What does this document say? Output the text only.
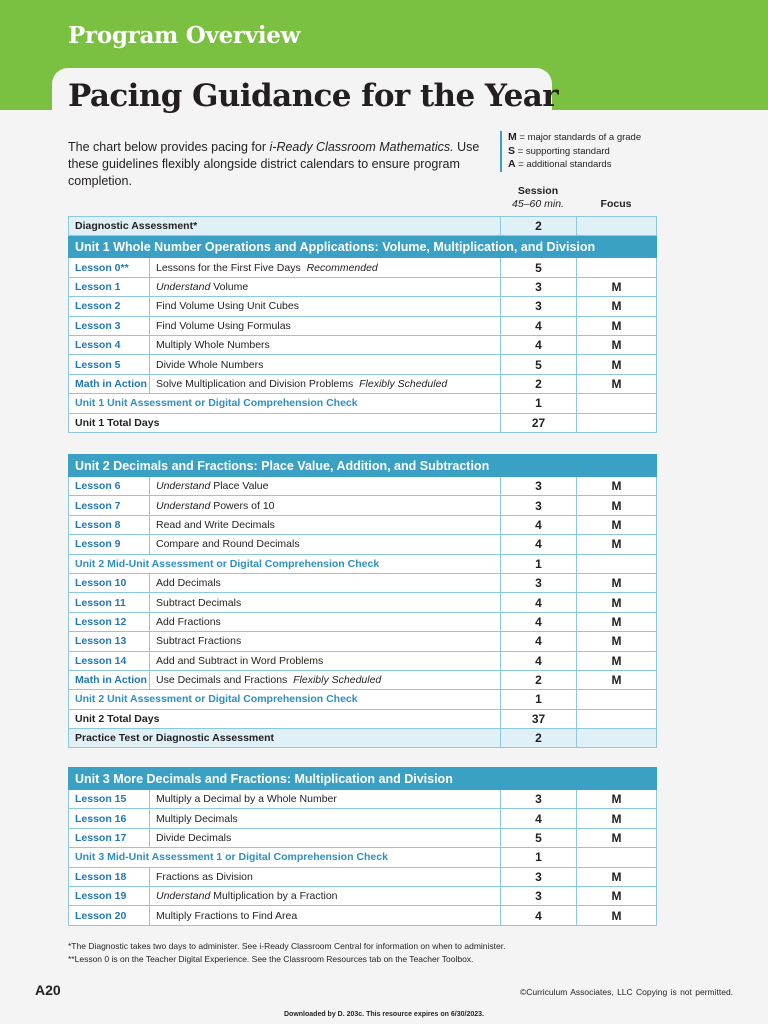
Program Overview
Pacing Guidance for the Year
The chart below provides pacing for i-Ready Classroom Mathematics. Use these guidelines flexibly alongside district calendars to ensure program completion.
M = major standards of a grade
S = supporting standard
A = additional standards
Session
45–60 min.	Focus
Diagnostic Assessment*		2	
Unit 1 Whole Number Operations and Applications: Volume, Multiplication, and Division			
Lesson 0**	Lessons for the First Five Days Recommended	5	
Lesson 1	Understand Volume	3	M
Lesson 2	Find Volume Using Unit Cubes	3	M
Lesson 3	Find Volume Using Formulas	4	M
Lesson 4	Multiply Whole Numbers	4	M
Lesson 5	Divide Whole Numbers	5	M
Math in Action	Solve Multiplication and Division Problems Flexibly Scheduled	2	M
Unit 1 Unit Assessment or Digital Comprehension Check		1	
Unit 1 Total Days		27	
Unit 2 Decimals and Fractions: Place Value, Addition, and Subtraction			
Lesson 6	Understand Place Value	3	M
Lesson 7	Understand Powers of 10	3	M
Lesson 8	Read and Write Decimals	4	M
Lesson 9	Compare and Round Decimals	4	M
Unit 2 Mid-Unit Assessment or Digital Comprehension Check		1	
Lesson 10	Add Decimals	3	M
Lesson 11	Subtract Decimals	4	M
Lesson 12	Add Fractions	4	M
Lesson 13	Subtract Fractions	4	M
Lesson 14	Add and Subtract in Word Problems	4	M
Math in Action	Use Decimals and Fractions Flexibly Scheduled	2	M
Unit 2 Unit Assessment or Digital Comprehension Check		1	
Unit 2 Total Days		37	
Practice Test or Diagnostic Assessment		2	
Unit 3 More Decimals and Fractions: Multiplication and Division			
Lesson 15	Multiply a Decimal by a Whole Number	3	M
Lesson 16	Multiply Decimals	4	M
Lesson 17	Divide Decimals	5	M
Unit 3 Mid-Unit Assessment 1 or Digital Comprehension Check		1	
Lesson 18	Fractions as Division	3	M
Lesson 19	Understand Multiplication by a Fraction	3	M
Lesson 20	Multiply Fractions to Find Area	4	M
*The Diagnostic takes two days to administer. See i-Ready Classroom Central for information on when to administer.
**Lesson 0 is on the Teacher Digital Experience. See the Classroom Resources tab on the Teacher Toolbox.
A20	©Curriculum Associates, LLC Copying is not permitted.
Downloaded by D. 203c. This resource expires on 6/30/2023.
